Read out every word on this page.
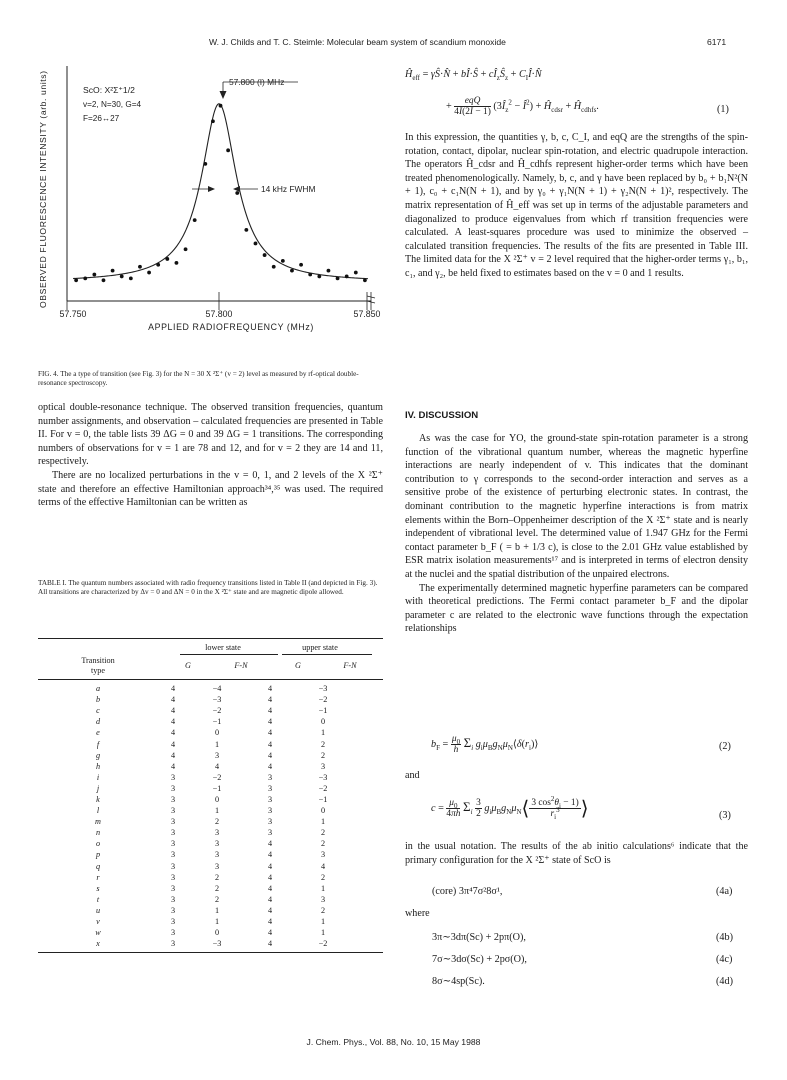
W. J. Childs and T. C. Steimle: Molecular beam system of scandium monoxide	6171
OBSERVED FLUORESCENCE INTENSITY (arb. units)
57.750	57.800	57.850
APPLIED RADIOFREQUENCY (MHz)
ScO: X²Σ⁺1/2
v=2, N=30, G=4
F=26↔27
57.800 (I) MHz
14 kHz FWHM
FIG. 4. The a type of transition (see Fig. 3) for the N = 30 X ²Σ⁺ (v = 2) level as measured by rf-optical double-resonance spectroscopy.

optical double-resonance technique. The observed transition frequencies, quantum number assignments, and observation – calculated frequencies are presented in Table II. For v = 0, the table lists 39 ΔG = 0 and 39 ΔG = 1 transitions. The corresponding numbers of observations for v = 1 are 78 and 12, and for v = 2 they are 14 and 11, respectively.

There are no localized perturbations in the v = 0, 1, and 2 levels of the X ²Σ⁺ state and therefore an effective Hamiltonian approach³⁴,³⁵ was used. The required terms of the effective Hamiltonian can be written as

TABLE I. The quantum numbers associated with radio frequency transitions listed in Table II (and depicted in Fig. 3). All transitions are characterized by Δv = 0 and ΔN = 0 in the X ²Σ⁺ state and are magnetic dipole allowed.
Transition type
lower state	upper state
G	F-N	G	F-N
a	4	−4	4	−3
b	4	−3	4	−2
c	4	−2	4	−1
d	4	−1	4	0
e	4	0	4	1
f	4	1	4	2
g	4	3	4	2
h	4	4	4	3
i	3	−2	3	−3
j	3	−1	3	−2
k	3	0	3	−1
l	3	1	3	0
m	3	2	3	1
n	3	3	3	2
o	3	3	4	2
p	3	3	4	3
q	3	3	4	4
r	3	2	4	2
s	3	2	4	1
t	3	2	4	3
u	3	1	4	2
v	3	1	4	1
w	3	0	4	1
x	3	−3	4	−2
$Ĥ_{eff}$ = γŜ·N̂ + bÎ·Ŝ + $cÎ_zŜ_z$ + $C_IÎ\cdot N̂$
+	eqQ
4I(2I − 1)
($3Î_z^2$ − $Î^2$) + $Ĥ_{cdsr}$ + $Ĥ_{cdhfs}$.	(1)

In this expression, the quantities γ, b, c, C_I, and eqQ are the strengths of the spin-rotation, contact, dipolar, nuclear spin-rotation, and electric quadrupole interaction. The operators Ĥ_cdsr and Ĥ_cdhfs represent higher-order terms which have been treated phenomenologically. Namely, b, c, and γ have been replaced by b₀ + b₁N²(N + 1), c₀ + c₁N(N + 1), and by γ₀ + γ₁N(N + 1) + γ₂N(N + 1)², respectively. The matrix representation of Ĥ_eff was set up in terms of the adjustable parameters and diagonalized to produce eigenvalues from which rf transition frequencies were calculated. A least-squares procedure was used to minimize the observed – calculated transition frequencies. The results of the fits are presented in Table III. The limited data for the X ²Σ⁺ v = 2 level required that the higher-order terms γ₁, b₁, c₁, and γ₂, be held fixed to estimates based on the v = 0 and 1 results.

IV. DISCUSSION

As was the case for YO, the ground-state spin-rotation parameter is a strong function of the vibrational quantum number, whereas the magnetic hyperfine interactions are nearly independent of v. This indicates that the dominant contribution to γ corresponds to the second-order interaction and serves as a sensitive probe of the existence of perturbing electronic states. In contrast, the dominant contribution to the magnetic hyperfine interactions is from matrix elements within the Born–Oppenheimer description of the X ²Σ⁺ state and is nearly independent of vibrational level. The determined value of 1.947 GHz for the Fermi contact parameter b_F ( = b + 1/3 c), is close to the 2.01 GHz value established by ESR matrix isolation measurements¹⁷ and is interpreted in terms of electron density at the nuclei and the spatial distribution of the unpaired electrons.

The experimentally determined magnetic hyperfine parameters can be compared with theoretical predictions. The Fermi contact parameter b_F and the dipolar parameter c are related to the electronic wave functions through the expectation relationships

$b_F = \frac{\mu_0}{h} \Sigma_i$ $g_i\mu_Bg_N\mu_N⟨\delta(r_i)⟩$	(2)
and
$c = \frac{\mu_0}{4\pi h} \Sigma_i \frac{3}{2}$ $g_i\mu_Bg_N\mu_N⟨ \frac{3 \cos^2\theta_i - 1)}{r_i^3}$ ⟩	(3)

in the usual notation. The results of the ab initio calculations⁶ indicate that the primary configuration for the X ²Σ⁺ state of ScO is

(core) 3π⁴7σ²8σ¹,	(4a)
where
3π∼3dπ(Sc) + 2pπ(O),	(4b)
7σ∼3dσ(Sc) + 2pσ(O),	(4c)
8σ∼4sp(Sc).	(4d)
J. Chem. Phys., Vol. 88, No. 10, 15 May 1988
